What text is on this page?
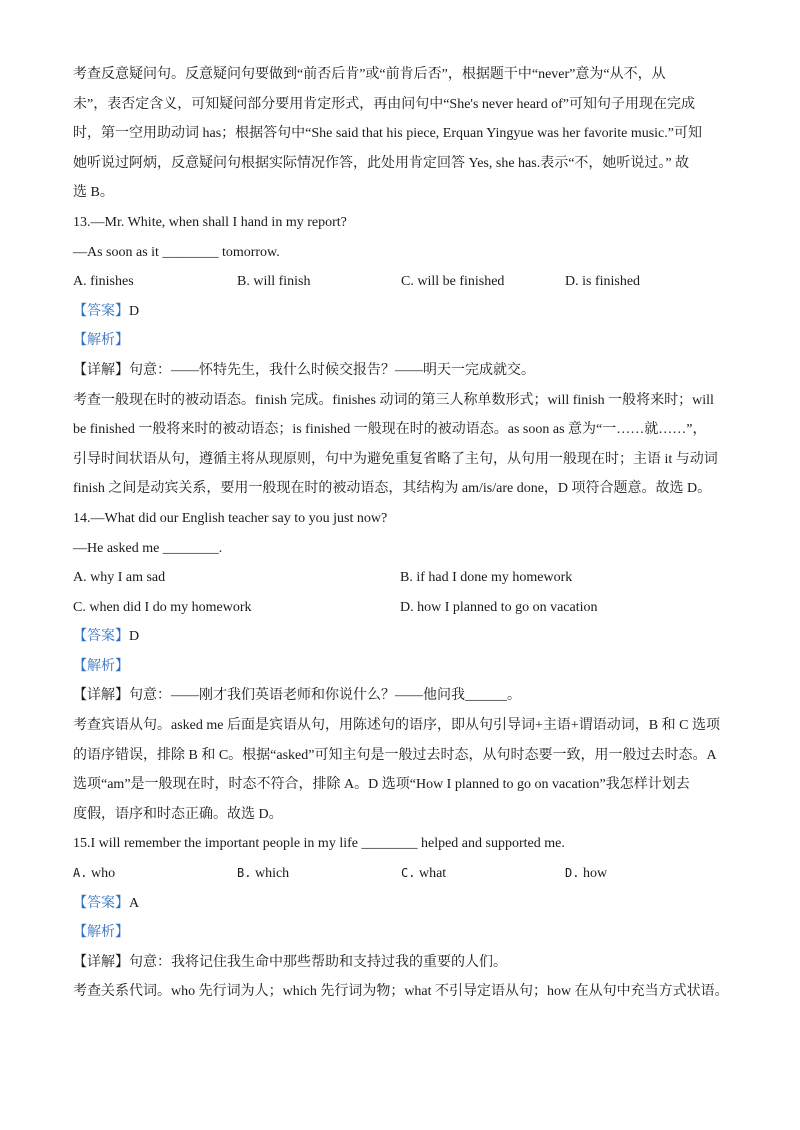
考查反意疑问句。反意疑问句要做到“前否后肯”或“前肯后否”，根据题干中“never”意为“从不，从
未”，表否定含义，可知疑问部分要用肯定形式，再由问句中“She's never heard of”可知句子用现在完成
时，第一空用助动词 has；根据答句中“She said that his piece, Erquan Yingyue was her favorite music.”可知
她听说过阿炳，反意疑问句根据实际情况作答，此处用肯定回答 Yes, she has.表示“不，她听说过。” 故
选 B。
13.—Mr. White, when shall I hand in my report?
—As soon as it ________ tomorrow.
A. finishes	B. will finish	C. will be finished	D. is finished
【答案】D
【解析】
【详解】句意：——怀特先生，我什么时候交报告？——明天一完成就交。
考查一般现在时的被动语态。finish 完成。finishes 动词的第三人称单数形式；will finish 一般将来时；will
be finished 一般将来时的被动语态；is finished 一般现在时的被动语态。as soon as 意为“一……就……”，
引导时间状语从句，遵循主将从现原则，句中为避免重复省略了主句，从句用一般现在时；主语 it 与动词
finish 之间是动宾关系，要用一般现在时的被动语态，其结构为 am/is/are done，D 项符合题意。故选 D。
14.—What did our English teacher say to you just now?
—He asked me ________.
A. why I am sad	B. if had I done my homework
C. when did I do my homework	D. how I planned to go on vacation
【答案】D
【解析】
【详解】句意：——刚才我们英语老师和你说什么？——他问我______。
考查宾语从句。asked me 后面是宾语从句，用陈述句的语序，即从句引导词+主语+谓语动词，B 和 C 选项
的语序错误，排除 B 和 C。根据“asked”可知主句是一般过去时态，从句时态要一致，用一般过去时态。A
选项“am”是一般现在时，时态不符合，排除 A。D 选项“How I planned to go on vacation”我怎样计划去
度假，语序和时态正确。故选 D。
15.I will remember the important people in my life ________ helped and supported me.
A. who	B. which	C. what	D. how
【答案】A
【解析】
【详解】句意：我将记住我生命中那些帮助和支持过我的重要的人们。
考查关系代词。who 先行词为人；which 先行词为物；what 不引导定语从句；how 在从句中充当方式状语。
